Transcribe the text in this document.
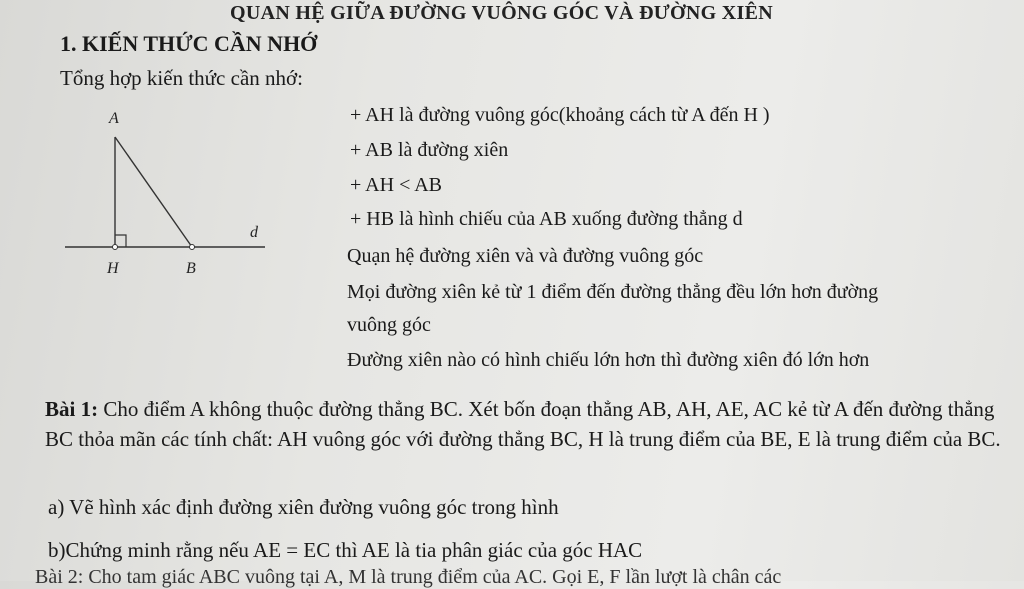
QUAN HỆ GIỮA ĐƯỜNG VUÔNG GÓC VÀ ĐƯỜNG XIÊN
1. KIẾN THỨC CẦN NHỚ
Tổng hợp kiến thức cần nhớ:
A
H	B
d
+ AH là đường vuông góc(khoảng cách từ A đến H )
+ AB là đường xiên
+ AH < AB
+ HB là hình chiếu của AB xuống đường thẳng d
Quạn hệ đường xiên và và đường vuông góc
Mọi đường xiên kẻ từ 1 điểm đến đường thẳng đều lớn hơn đường
vuông góc
Đường xiên nào có hình chiếu lớn hơn thì đường xiên đó lớn hơn
Bài 1: Cho điểm A không thuộc đường thẳng BC. Xét bốn đoạn thẳng AB, AH, AE, AC kẻ từ A đến đường thẳng BC thỏa mãn các tính chất: AH vuông góc với đường thẳng BC, H là trung điểm của BE, E là trung điểm của BC.
a) Vẽ hình xác định đường xiên đường vuông góc trong hình
b)Chứng minh rằng nếu AE = EC thì AE là tia phân giác của góc HAC
Bài 2: Cho tam giác ABC vuông tại A, M là trung điểm của AC. Gọi E, F lần lượt là chân các
